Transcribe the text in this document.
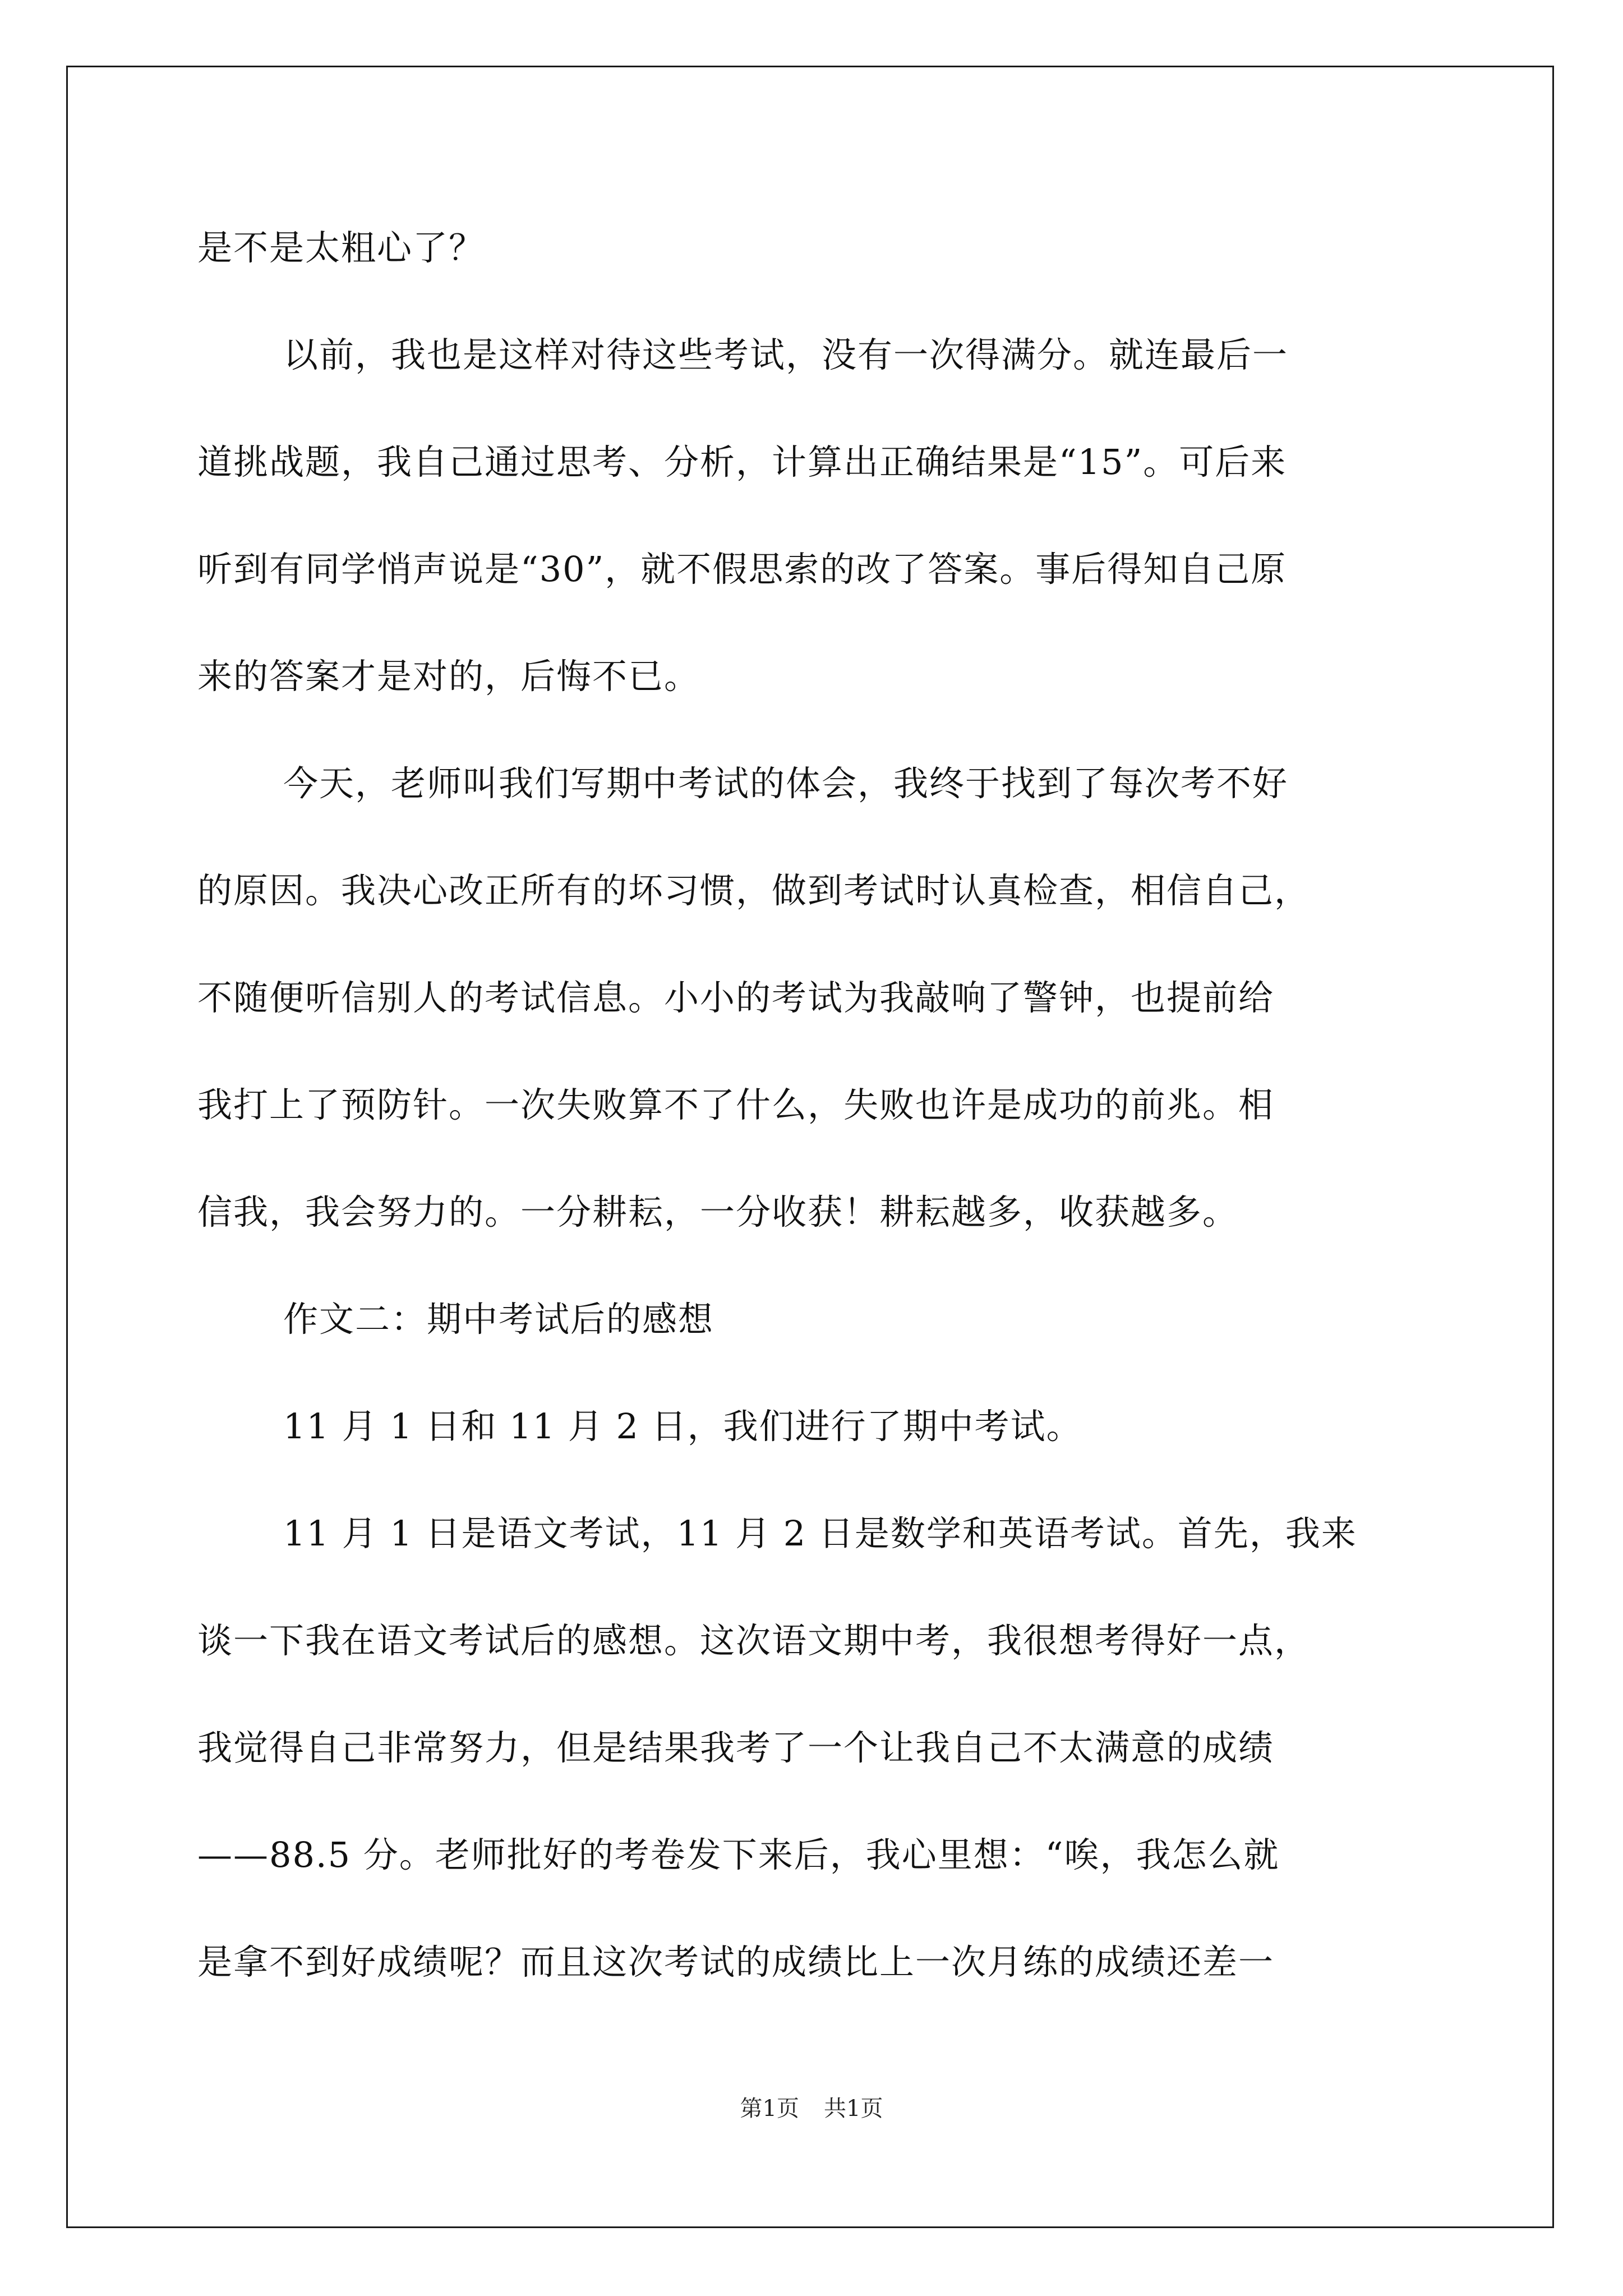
是不是太粗心了？
以前，我也是这样对待这些考试，没有一次得满分。就连最后一
道挑战题，我自己通过思考、分析，计算出正确结果是“15”。可后来
听到有同学悄声说是“30”，就不假思索的改了答案。事后得知自己原
来的答案才是对的，后悔不已。
今天，老师叫我们写期中考试的体会，我终于找到了每次考不好
的原因。我决心改正所有的坏习惯，做到考试时认真检查，相信自己，
不随便听信别人的考试信息。小小的考试为我敲响了警钟，也提前给
我打上了预防针。一次失败算不了什么，失败也许是成功的前兆。相
信我，我会努力的。一分耕耘，一分收获！耕耘越多，收获越多。
作文二：期中考试后的感想
11 月 1 日和 11 月 2 日，我们进行了期中考试。
11 月 1 日是语文考试，11 月 2 日是数学和英语考试。首先，我来
谈一下我在语文考试后的感想。这次语文期中考，我很想考得好一点，
我觉得自己非常努力，但是结果我考了一个让我自己不太满意的成绩
——88.5 分。老师批好的考卷发下来后，我心里想：“唉，我怎么就
是拿不到好成绩呢？而且这次考试的成绩比上一次月练的成绩还差一
第1页 共1页
